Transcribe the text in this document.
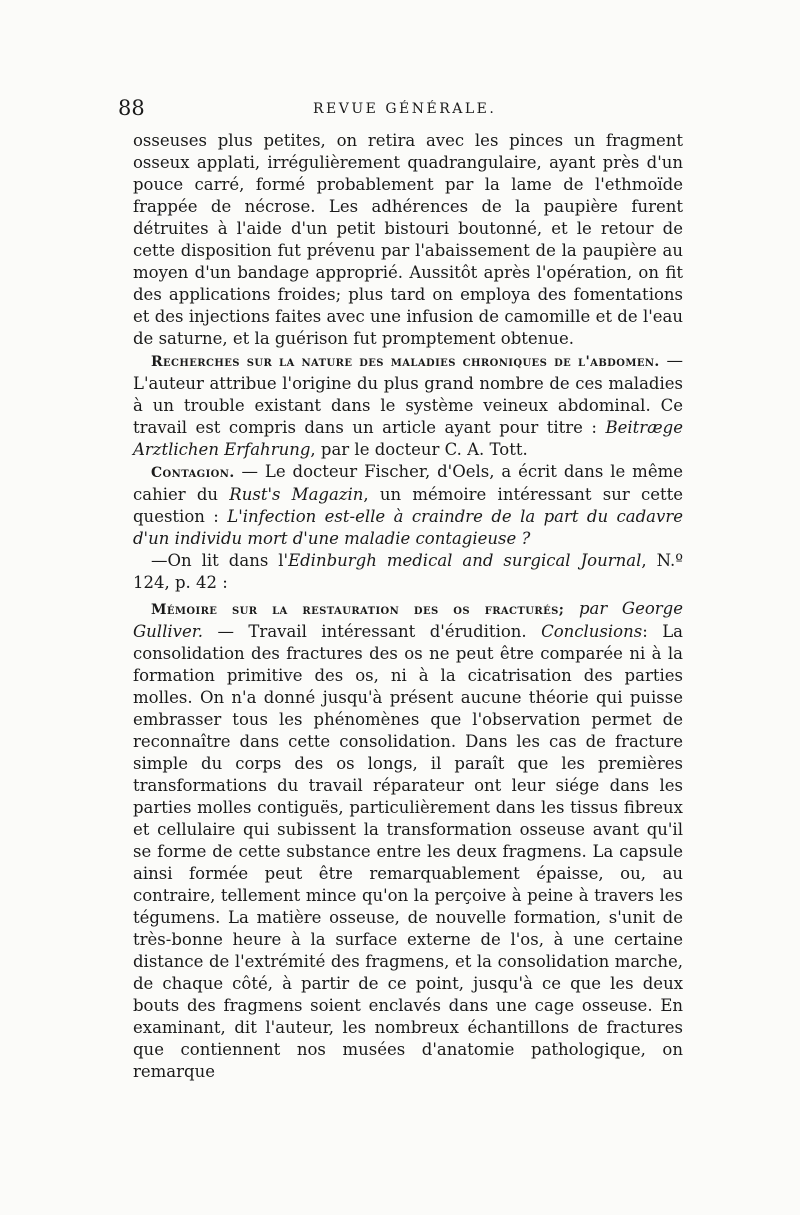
88	REVUE GÉNÉRALE.

osseuses plus petites, on retira avec les pinces un fragment osseux applati, irrégulièrement quadrangulaire, ayant près d'un pouce carré, formé probablement par la lame de l'ethmoïde frappée de nécrose. Les adhérences de la paupière furent détruites à l'aide d'un petit bistouri boutonné, et le retour de cette disposition fut prévenu par l'abaissement de la paupière au moyen d'un bandage approprié. Aussitôt après l'opération, on fit des applications froides; plus tard on employa des fomentations et des injections faites avec une infusion de camomille et de l'eau de saturne, et la guérison fut promptement obtenue.

Recherches sur la nature des maladies chroniques de l'abdomen. — L'auteur attribue l'origine du plus grand nombre de ces maladies à un trouble existant dans le système veineux abdominal. Ce travail est compris dans un article ayant pour titre : Beitræge Arztlichen Erfahrung, par le docteur C. A. Tott.

Contagion. — Le docteur Fischer, d'Oels, a écrit dans le même cahier du Rust's Magazin, un mémoire intéressant sur cette question : L'infection est-elle à craindre de la part du cadavre d'un individu mort d'une maladie contagieuse ?

—On lit dans l'Edinburgh medical and surgical Journal, N.º 124, p. 42 :

Mémoire sur la restauration des os fracturés; par George Gulliver. — Travail intéressant d'érudition. Conclusions: La consolidation des fractures des os ne peut être comparée ni à la formation primitive des os, ni à la cicatrisation des parties molles. On n'a donné jusqu'à présent aucune théorie qui puisse embrasser tous les phénomènes que l'observation permet de reconnaître dans cette consolidation. Dans les cas de fracture simple du corps des os longs, il paraît que les premières transformations du travail réparateur ont leur siége dans les parties molles contiguës, particulièrement dans les tissus fibreux et cellulaire qui subissent la transformation osseuse avant qu'il se forme de cette substance entre les deux fragmens. La capsule ainsi formée peut être remarquablement épaisse, ou, au contraire, tellement mince qu'on la perçoive à peine à travers les tégumens. La matière osseuse, de nouvelle formation, s'unit de très-bonne heure à la surface externe de l'os, à une certaine distance de l'extrémité des fragmens, et la consolidation marche, de chaque côté, à partir de ce point, jusqu'à ce que les deux bouts des fragmens soient enclavés dans une cage osseuse. En examinant, dit l'auteur, les nombreux échantillons de fractures que contiennent nos musées d'anatomie pathologique, on remarque
